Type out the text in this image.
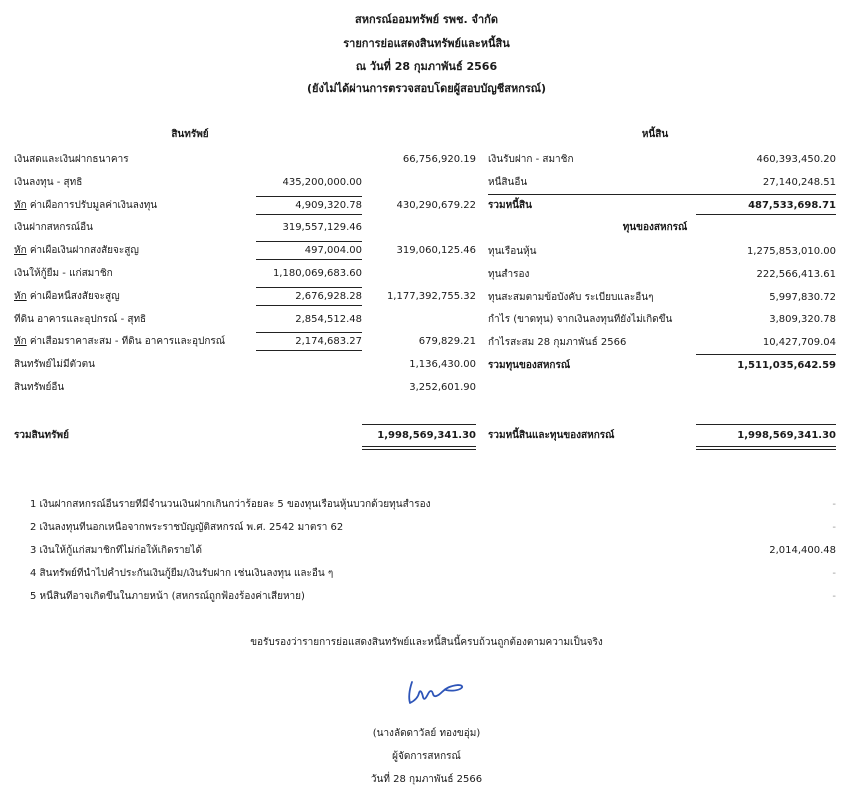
สหกรณ์ออมทรัพย์ รพช. จำกัด
รายการย่อแสดงสินทรัพย์และหนี้สิน
ณ วันที่ 28 กุมภาพันธ์ 2566
(ยังไม่ได้ผ่านการตรวจสอบโดยผู้สอบบัญชีสหกรณ์)
สินทรัพย์
เงินสดและเงินฝากธนาคาร	66,756,920.19
เงินลงทุน - สุทธิ	435,200,000.00
หัก ค่าเผื่อการปรับมูลค่าเงินลงทุน	4,909,320.78	430,290,679.22
เงินฝากสหกรณ์อื่น	319,557,129.46
หัก ค่าเผื่อเงินฝากสงสัยจะสูญ	497,004.00	319,060,125.46
เงินให้กู้ยืม - แก่สมาชิก	1,180,069,683.60
หัก ค่าเผื่อหนี้สงสัยจะสูญ	2,676,928.28	1,177,392,755.32
ที่ดิน อาคารและอุปกรณ์ - สุทธิ	2,854,512.48
หัก ค่าเสื่อมราคาสะสม - ที่ดิน อาคารและอุปกรณ์	2,174,683.27	679,829.21
สินทรัพย์ไม่มีตัวตน	1,136,430.00
สินทรัพย์อื่น	3,252,601.90
หนี้สิน
เงินรับฝาก - สมาชิก	460,393,450.20
หนี้สินอื่น	27,140,248.51
รวมหนี้สิน	487,533,698.71
ทุนของสหกรณ์
ทุนเรือนหุ้น	1,275,853,010.00
ทุนสำรอง	222,566,413.61
ทุนสะสมตามข้อบังคับ ระเบียบและอื่นๆ	5,997,830.72
กำไร (ขาดทุน) จากเงินลงทุนที่ยังไม่เกิดขึ้น	3,809,320.78
กำไรสะสม 28 กุมภาพันธ์ 2566	10,427,709.04
รวมทุนของสหกรณ์	1,511,035,642.59
รวมสินทรัพย์	1,998,569,341.30 รวมหนี้สินและทุนของสหกรณ์	1,998,569,341.30
1 เงินฝากสหกรณ์อื่นรายที่มีจำนวนเงินฝากเกินกว่าร้อยละ 5 ของทุนเรือนหุ้นบวกด้วยทุนสำรอง	-
2 เงินลงทุนที่นอกเหนือจากพระราชบัญญัติสหกรณ์ พ.ศ. 2542 มาตรา 62	-
3 เงินให้กู้แก่สมาชิกที่ไม่ก่อให้เกิดรายได้	2,014,400.48
4 สินทรัพย์ที่นำไปค้ำประกันเงินกู้ยืม/เงินรับฝาก เช่นเงินลงทุน และอื่น ๆ	-
5 หนี้สินที่อาจเกิดขึ้นในภายหน้า (สหกรณ์ถูกฟ้องร้องค่าเสียหาย)	-
ขอรับรองว่ารายการย่อแสดงสินทรัพย์และหนี้สินนี้ครบถ้วนถูกต้องตามความเป็นจริง
(นางลัดดาวัลย์ ทองขอุ่ม)
ผู้จัดการสหกรณ์
วันที่ 28 กุมภาพันธ์ 2566
